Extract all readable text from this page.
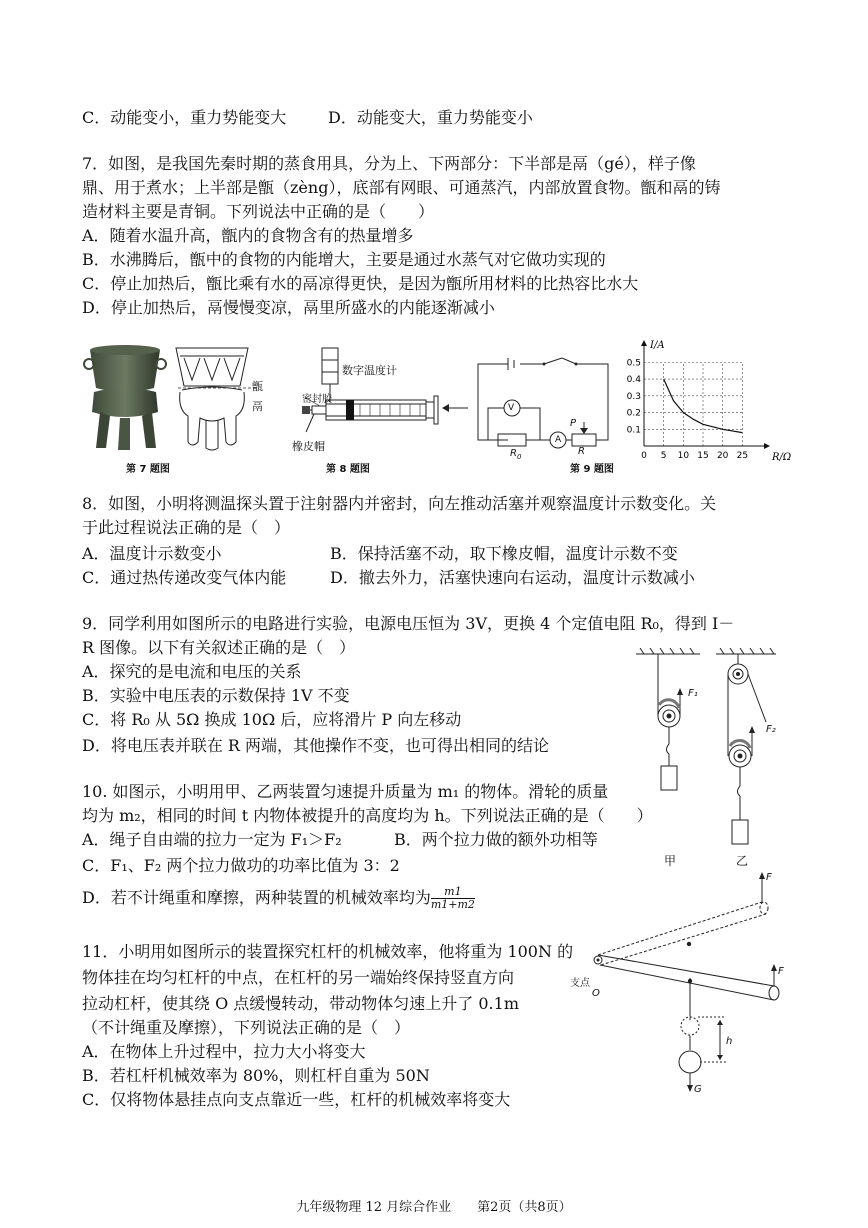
C．动能变小，重力势能变大	D．动能变大，重力势能变小
7．如图，是我国先秦时期的蒸食用具，分为上、下两部分：下半部是鬲（gé），样子像
鼎、用于煮水；上半部是甑（zèng），底部有网眼、可通蒸汽，内部放置食物。甑和鬲的铸
造材料主要是青铜。下列说法中正确的是（　　）
A．随着水温升高，甑内的食物含有的热量增多
B．水沸腾后，甑中的食物的内能增大，主要是通过水蒸气对它做功实现的
C．停止加热后，甑比乘有水的鬲凉得更快，是因为甑所用材料的比热容比水大
D．停止加热后，鬲慢慢变凉，鬲里所盛水的内能逐渐减小
甑
鬲
第 7 题图
数字温度计
密封胶
橡皮帽
第 8 题图
V
A
P
$R_0$	R
第 9 题图
0.1
0.2
0.3
0.4
0.5
0 5 10 15 20 25
I/A
R/Ω
8．如图，小明将测温探头置于注射器内并密封，向左推动活塞并观察温度计示数变化。关
于此过程说法正确的是（　）
A．温度计示数变小	B．保持活塞不动，取下橡皮帽，温度计示数不变
C．通过热传递改变气体内能	D．撤去外力，活塞快速向右运动，温度计示数减小
9．同学利用如图所示的电路进行实验，电源电压恒为 3V，更换 4 个定值电阻 R₀，得到 I－
R 图像。以下有关叙述正确的是（　）
A．探究的是电流和电压的关系
B．实验中电压表的示数保持 1V 不变
C．将 R₀ 从 5Ω 换成 10Ω 后，应将滑片 P 向左移动
D．将电压表并联在 R 两端，其他操作不变，也可得出相同的结论
F₁
F₂
甲	乙
10. 如图示，小明用甲、乙两装置匀速提升质量为 m₁ 的物体。滑轮的质量
均为 m₂，相同的时间 t 内物体被提升的高度均为 h。下列说法正确的是（　　）
A．绳子自由端的拉力一定为 F₁＞F₂	B．两个拉力做的额外功相等
C．F₁、F₂ 两个拉力做功的功率比值为 3：2
D．若不计绳重和摩擦，两种装置的机械效率均为 $\frac{m1}{m1+m2}$
F
F
支点
O
h
G
11．小明用如图所示的装置探究杠杆的机械效率，他将重为 100N 的
物体挂在均匀杠杆的中点，在杠杆的另一端始终保持竖直方向
拉动杠杆，使其绕 O 点缓慢转动，带动物体匀速上升了 0.1m
（不计绳重及摩擦），下列说法正确的是（　）
A．在物体上升过程中，拉力大小将变大
B．若杠杆机械效率为 80%，则杠杆自重为 50N
C．仅将物体悬挂点向支点靠近一些，杠杆的机械效率将变大
九年级物理 12 月综合作业　　第2页（共8页）
